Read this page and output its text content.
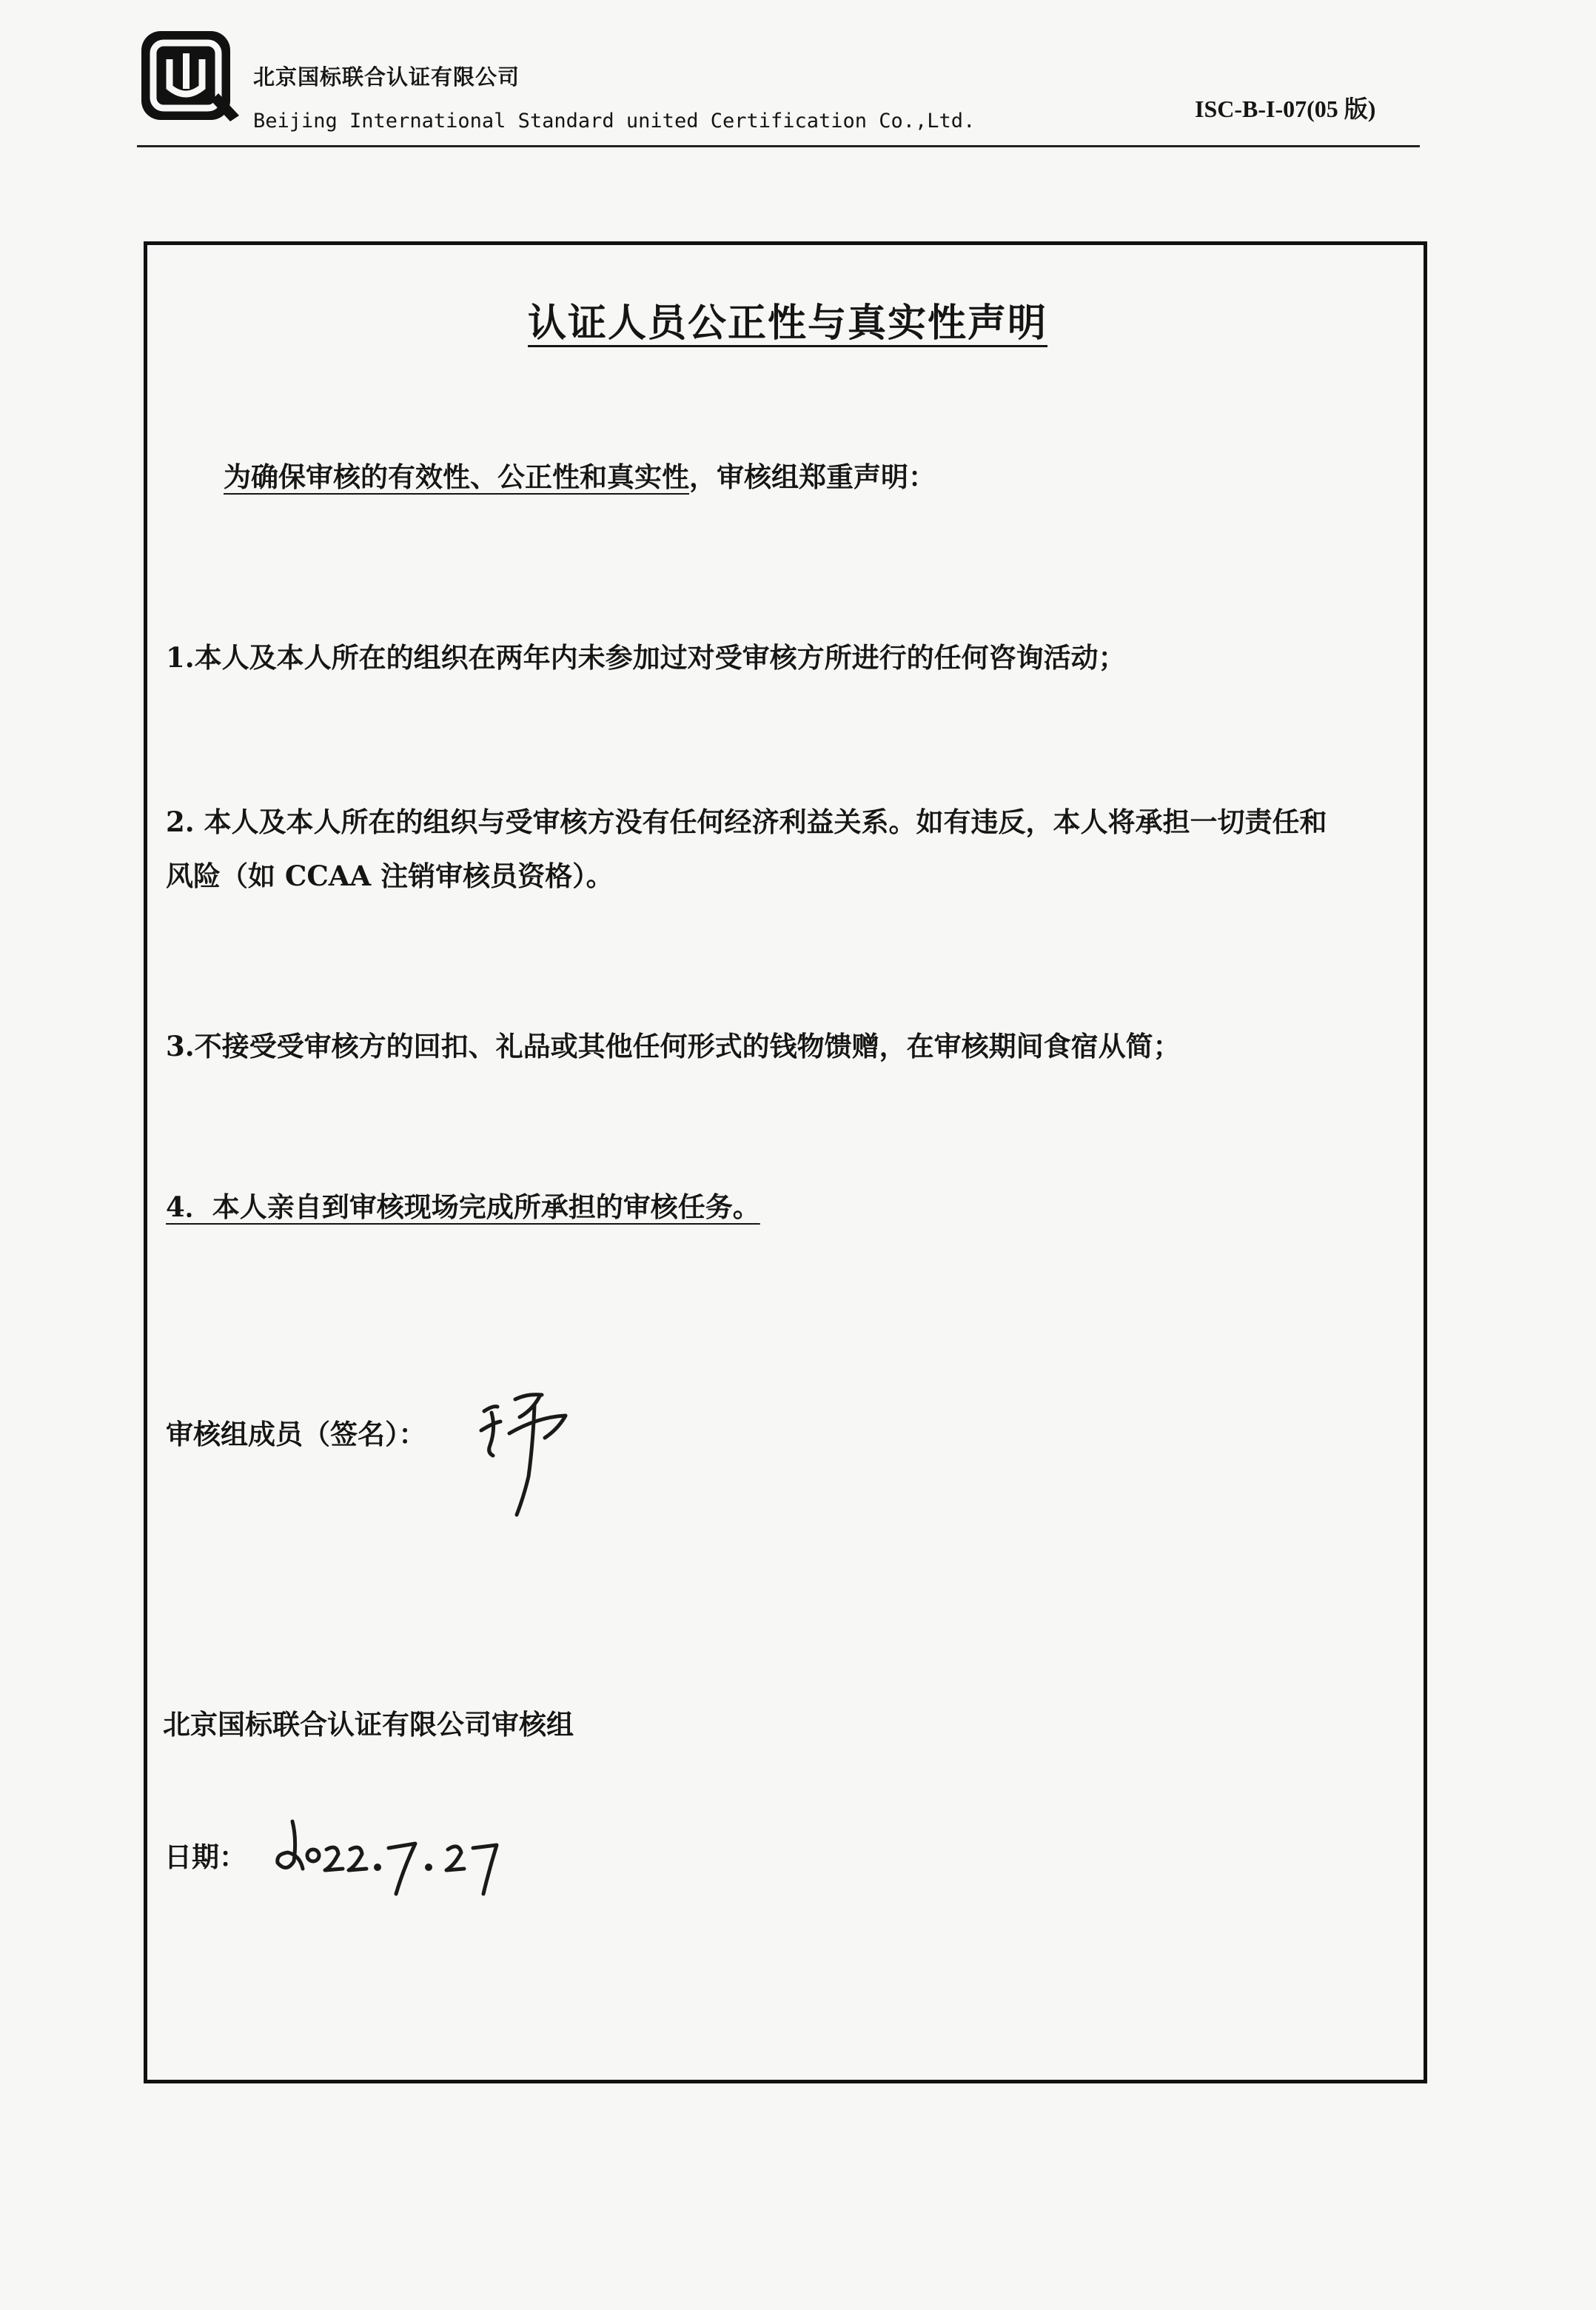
北京国标联合认证有限公司
Beijing International Standard united Certification Co.,Ltd.	ISC-B-I-07(05 版)
认证人员公正性与真实性声明
为确保审核的有效性、公正性和真实性，审核组郑重声明：
1.本人及本人所在的组织在两年内未参加过对受审核方所进行的任何咨询活动；
2. 本人及本人所在的组织与受审核方没有任何经济利益关系。如有违反，本人将承担一切责任和
风险（如 CCAA 注销审核员资格）。
3.不接受受审核方的回扣、礼品或其他任何形式的钱物馈赠，在审核期间食宿从简；
4．本人亲自到审核现场完成所承担的审核任务。
审核组成员（签名）：
北京国标联合认证有限公司审核组
日期：
